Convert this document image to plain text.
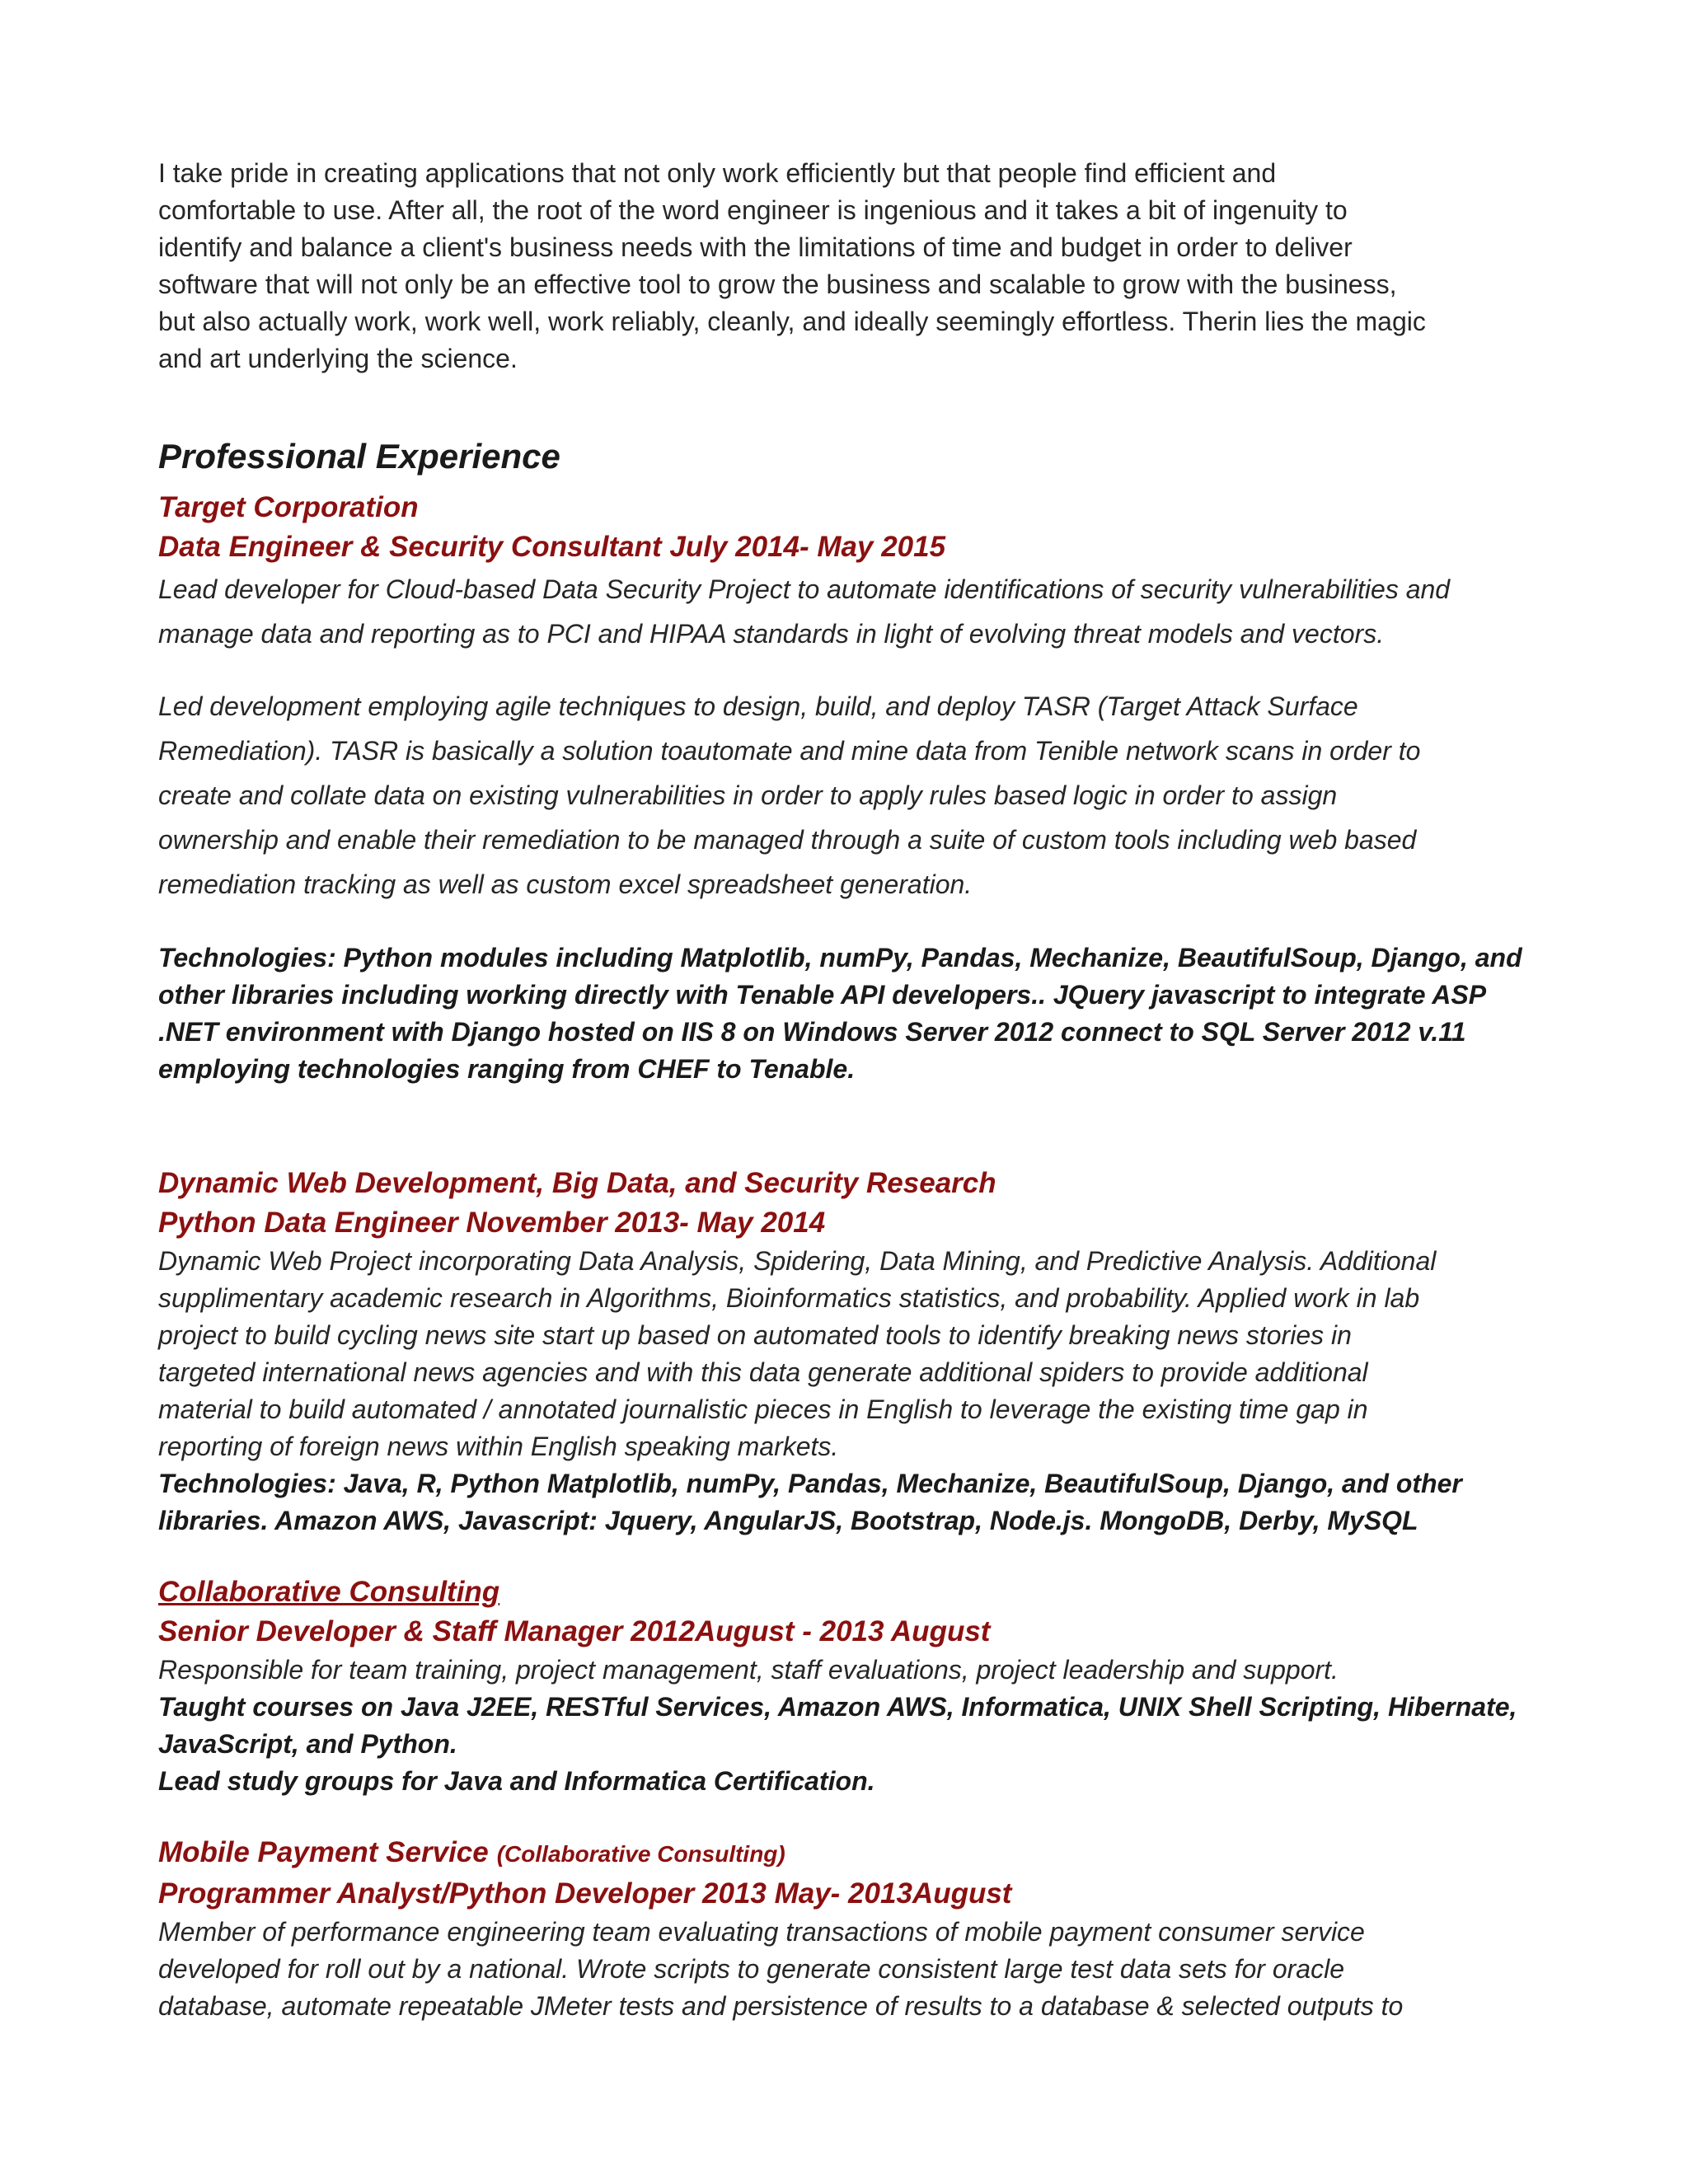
I take pride in creating applications that not only work efficiently but that people find efficient and

comfortable to use. After all, the root of the word engineer is ingenious and it takes a bit of ingenuity to

identify and balance a client's business needs with the limitations of time and budget in order to deliver

software that will not only be an effective tool to grow the business and scalable to grow with the business,

but also actually work, work well, work reliably, cleanly, and ideally seemingly effortless. Therin lies the magic

and art underlying the science.

Professional Experience

Target Corporation

Data Engineer & Security Consultant July 2014- May 2015

Lead developer for Cloud-based Data Security Project to automate identifications of security vulnerabilities and

manage data and reporting as to PCI and HIPAA standards in light of evolving threat models and vectors.

Led development employing agile techniques to design, build, and deploy TASR (Target Attack Surface

Remediation). TASR is basically a solution toautomate and mine data from Tenible network scans in order to

create and collate data on existing vulnerabilities in order to apply rules based logic in order to assign

ownership and enable their remediation to be managed through a suite of custom tools including web based

remediation tracking as well as custom excel spreadsheet generation.

Technologies: Python modules including Matplotlib, numPy, Pandas, Mechanize, BeautifulSoup, Django, and

other libraries including working directly with Tenable API developers.. JQuery javascript to integrate ASP

.NET environment with Django hosted on IIS 8 on Windows Server 2012 connect to SQL Server 2012 v.11

employing technologies ranging from CHEF to Tenable.

Dynamic Web Development, Big Data, and Security Research

Python Data Engineer November 2013- May 2014

Dynamic Web Project incorporating Data Analysis, Spidering, Data Mining, and Predictive Analysis. Additional

supplimentary academic research in Algorithms, Bioinformatics statistics, and probability. Applied work in lab

project to build cycling news site start up based on automated tools to identify breaking news stories in

targeted international news agencies and with this data generate additional spiders to provide additional

material to build automated / annotated journalistic pieces in English to leverage the existing time gap in

reporting of foreign news within English speaking markets.

Technologies: Java, R, Python Matplotlib, numPy, Pandas, Mechanize, BeautifulSoup, Django, and other

libraries. Amazon AWS, Javascript: Jquery, AngularJS, Bootstrap, Node.js. MongoDB, Derby, MySQL

Collaborative Consulting

Senior Developer & Staff Manager 2012August - 2013 August

Responsible for team training, project management, staff evaluations, project leadership and support.

Taught courses on Java J2EE, RESTful Services, Amazon AWS, Informatica, UNIX Shell Scripting, Hibernate,

JavaScript, and Python.

Lead study groups for Java and Informatica Certification.

Mobile Payment Service (Collaborative Consulting)

Programmer Analyst/Python Developer 2013 May- 2013August

Member of performance engineering team evaluating transactions of mobile payment consumer service

developed for roll out by a national. Wrote scripts to generate consistent large test data sets for oracle

database, automate repeatable JMeter tests and persistence of results to a database & selected outputs to
